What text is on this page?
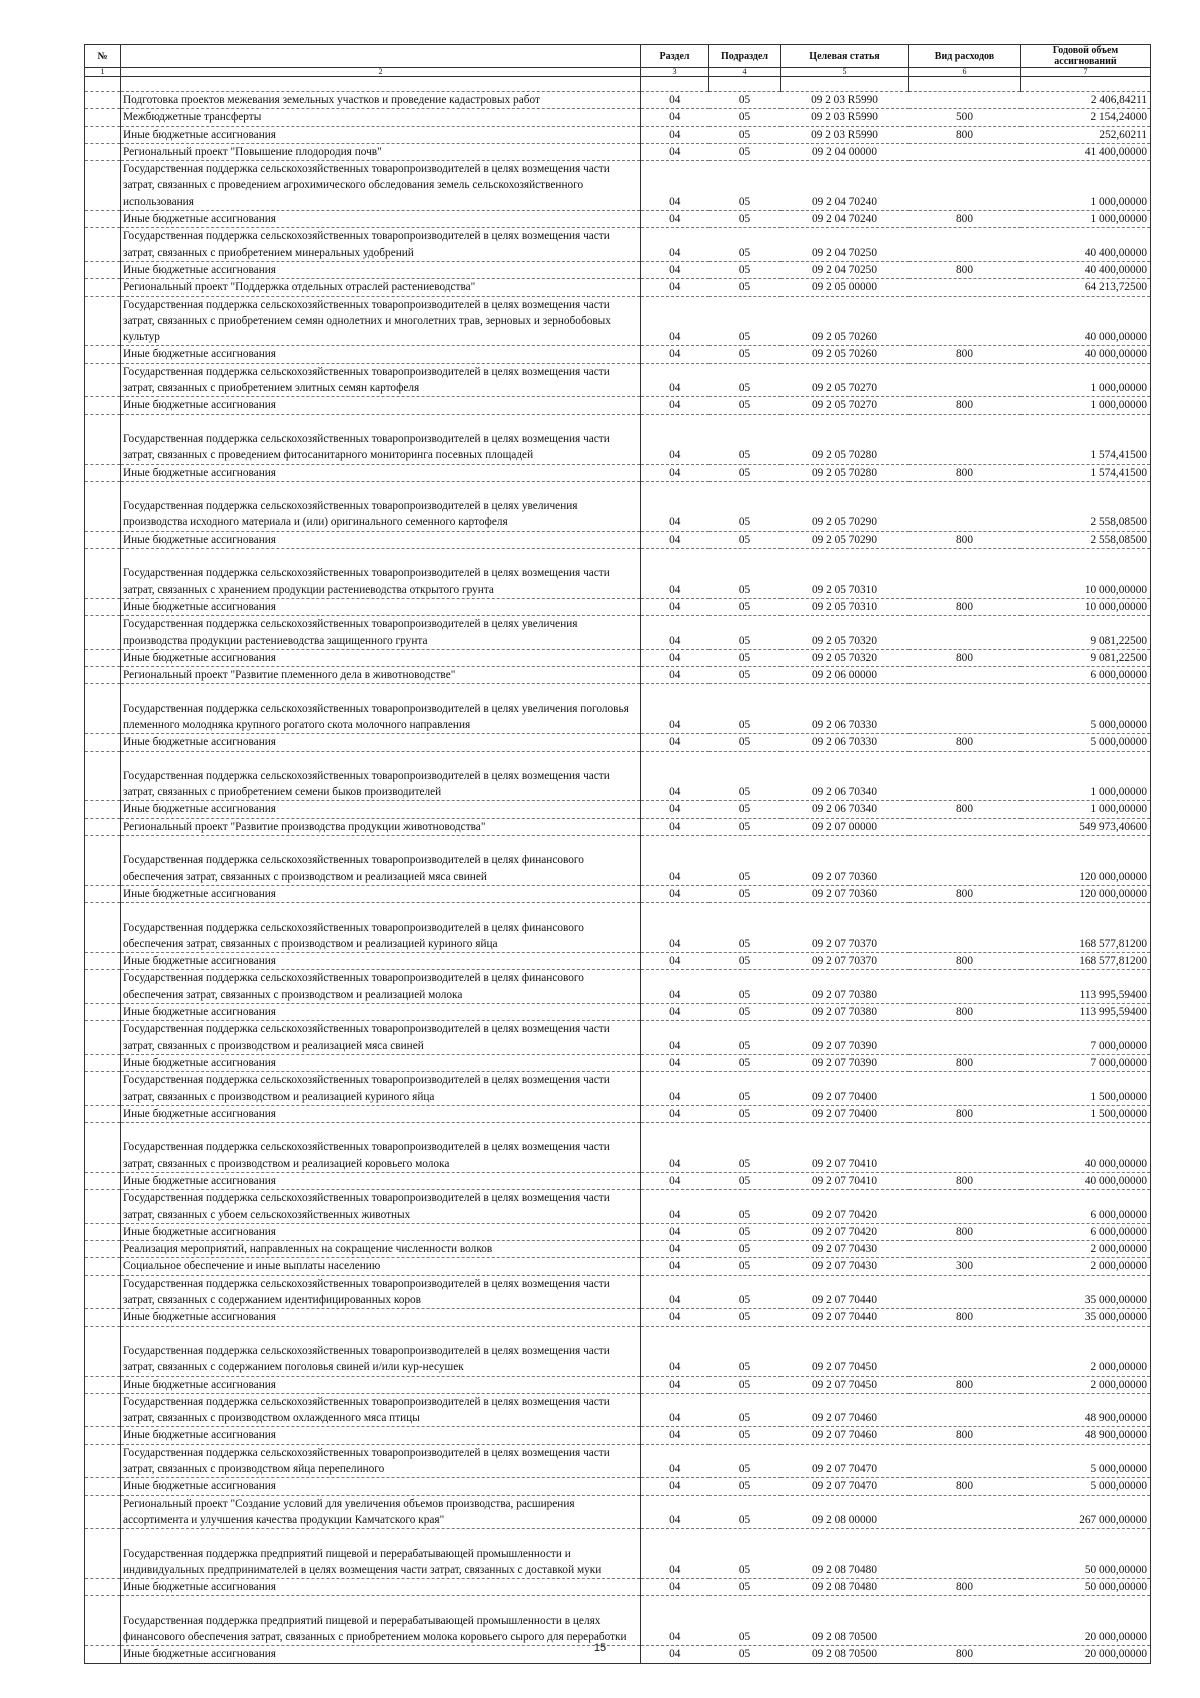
№		Раздел	Подраздел	Целевая статья	Вид расходов	Годовой объем ассигнований
1	2	3	4	5	6	7

	Подготовка проектов межевания земельных участков и проведение кадастровых работ	04	05	09 2 03 R5990		2 406,84211
	Межбюджетные трансферты	04	05	09 2 03 R5990	500	2 154,24000
	Иные бюджетные ассигнования	04	05	09 2 03 R5990	800	252,60211
	Региональный проект "Повышение плодородия почв"	04	05	09 2 04 00000		41 400,00000
	Государственная поддержка сельскохозяйственных товаропроизводителей в целях возмещения части затрат, связанных с проведением агрохимического обследования земель сельскохозяйственного использования	04	05	09 2 04 70240		1 000,00000
	Иные бюджетные ассигнования	04	05	09 2 04 70240	800	1 000,00000
	Государственная поддержка сельскохозяйственных товаропроизводителей в целях возмещения части затрат, связанных с приобретением минеральных удобрений	04	05	09 2 04 70250		40 400,00000
	Иные бюджетные ассигнования	04	05	09 2 04 70250	800	40 400,00000
	Региональный проект "Поддержка отдельных отраслей растениеводства"	04	05	09 2 05 00000		64 213,72500
	Государственная поддержка сельскохозяйственных товаропроизводителей в целях возмещения части затрат, связанных с приобретением семян однолетних и многолетних трав, зерновых и зернобобовых культур	04	05	09 2 05 70260		40 000,00000
	Иные бюджетные ассигнования	04	05	09 2 05 70260	800	40 000,00000
	Государственная поддержка сельскохозяйственных товаропроизводителей в целях возмещения части затрат, связанных с приобретением элитных семян картофеля	04	05	09 2 05 70270		1 000,00000
	Иные бюджетные ассигнования	04	05	09 2 05 70270	800	1 000,00000
	Государственная поддержка сельскохозяйственных товаропроизводителей в целях возмещения части затрат, связанных с проведением фитосанитарного мониторинга посевных площадей	04	05	09 2 05 70280		1 574,41500
	Иные бюджетные ассигнования	04	05	09 2 05 70280	800	1 574,41500
	Государственная поддержка сельскохозяйственных товаропроизводителей в целях увеличения производства исходного материала и (или) оригинального семенного картофеля	04	05	09 2 05 70290		2 558,08500
	Иные бюджетные ассигнования	04	05	09 2 05 70290	800	2 558,08500
	Государственная поддержка сельскохозяйственных товаропроизводителей в целях возмещения части затрат, связанных с хранением продукции растениеводства открытого грунта	04	05	09 2 05 70310		10 000,00000
	Иные бюджетные ассигнования	04	05	09 2 05 70310	800	10 000,00000
	Государственная поддержка сельскохозяйственных товаропроизводителей в целях увеличения производства продукции растениеводства защищенного грунта	04	05	09 2 05 70320		9 081,22500
	Иные бюджетные ассигнования	04	05	09 2 05 70320	800	9 081,22500
	Региональный проект "Развитие племенного дела в животноводстве"	04	05	09 2 06 00000		6 000,00000
	Государственная поддержка сельскохозяйственных товаропроизводителей в целях увеличения поголовья племенного молодняка крупного рогатого скота молочного направления	04	05	09 2 06 70330		5 000,00000
	Иные бюджетные ассигнования	04	05	09 2 06 70330	800	5 000,00000
	Государственная поддержка сельскохозяйственных товаропроизводителей в целях возмещения части затрат, связанных с приобретением семени быков производителей	04	05	09 2 06 70340		1 000,00000
	Иные бюджетные ассигнования	04	05	09 2 06 70340	800	1 000,00000
	Региональный проект "Развитие производства продукции животноводства"	04	05	09 2 07 00000		549 973,40600
	Государственная поддержка сельскохозяйственных товаропроизводителей в целях финансового обеспечения затрат, связанных с производством и реализацией мяса свиней	04	05	09 2 07 70360		120 000,00000
	Иные бюджетные ассигнования	04	05	09 2 07 70360	800	120 000,00000
	Государственная поддержка сельскохозяйственных товаропроизводителей в целях финансового обеспечения затрат, связанных с производством и реализацией куриного яйца	04	05	09 2 07 70370		168 577,81200
	Иные бюджетные ассигнования	04	05	09 2 07 70370	800	168 577,81200
	Государственная поддержка сельскохозяйственных товаропроизводителей в целях финансового обеспечения затрат, связанных с производством и реализацией молока	04	05	09 2 07 70380		113 995,59400
	Иные бюджетные ассигнования	04	05	09 2 07 70380	800	113 995,59400
	Государственная поддержка сельскохозяйственных товаропроизводителей в целях возмещения части затрат, связанных с производством и реализацией мяса свиней	04	05	09 2 07 70390		7 000,00000
	Иные бюджетные ассигнования	04	05	09 2 07 70390	800	7 000,00000
	Государственная поддержка сельскохозяйственных товаропроизводителей в целях возмещения части затрат, связанных с производством и реализацией куриного яйца	04	05	09 2 07 70400		1 500,00000
	Иные бюджетные ассигнования	04	05	09 2 07 70400	800	1 500,00000
	Государственная поддержка сельскохозяйственных товаропроизводителей в целях возмещения части затрат, связанных с производством и реализацией коровьего молока	04	05	09 2 07 70410		40 000,00000
	Иные бюджетные ассигнования	04	05	09 2 07 70410	800	40 000,00000
	Государственная поддержка сельскохозяйственных товаропроизводителей в целях возмещения части затрат, связанных с убоем сельскохозяйственных животных	04	05	09 2 07 70420		6 000,00000
	Иные бюджетные ассигнования	04	05	09 2 07 70420	800	6 000,00000
	Реализация мероприятий, направленных на сокращение численности волков	04	05	09 2 07 70430		2 000,00000
	Социальное обеспечение и иные выплаты населению	04	05	09 2 07 70430	300	2 000,00000
	Государственная поддержка сельскохозяйственных товаропроизводителей в целях возмещения части затрат, связанных с содержанием идентифицированных коров	04	05	09 2 07 70440		35 000,00000
	Иные бюджетные ассигнования	04	05	09 2 07 70440	800	35 000,00000
	Государственная поддержка сельскохозяйственных товаропроизводителей в целях возмещения части затрат, связанных с содержанием поголовья свиней и/или кур-несушек	04	05	09 2 07 70450		2 000,00000
	Иные бюджетные ассигнования	04	05	09 2 07 70450	800	2 000,00000
	Государственная поддержка сельскохозяйственных товаропроизводителей в целях возмещения части затрат, связанных с производством охлажденного мяса птицы	04	05	09 2 07 70460		48 900,00000
	Иные бюджетные ассигнования	04	05	09 2 07 70460	800	48 900,00000
	Государственная поддержка сельскохозяйственных товаропроизводителей в целях возмещения части затрат, связанных с производством яйца перепелиного	04	05	09 2 07 70470		5 000,00000
	Иные бюджетные ассигнования	04	05	09 2 07 70470	800	5 000,00000
	Региональный проект "Создание условий для увеличения объемов производства, расширения ассортимента и улучшения качества продукции Камчатского края"	04	05	09 2 08 00000		267 000,00000
	Государственная поддержка предприятий пищевой и перерабатывающей промышленности и индивидуальных предпринимателей в целях возмещения части затрат, связанных с доставкой муки	04	05	09 2 08 70480		50 000,00000
	Иные бюджетные ассигнования	04	05	09 2 08 70480	800	50 000,00000
	Государственная поддержка предприятий пищевой и перерабатывающей промышленности в целях финансового обеспечения затрат, связанных с приобретением молока коровьего сырого для переработки	04	05	09 2 08 70500		20 000,00000
	Иные бюджетные ассигнования	04	05	09 2 08 70500	800	20 000,00000
15
